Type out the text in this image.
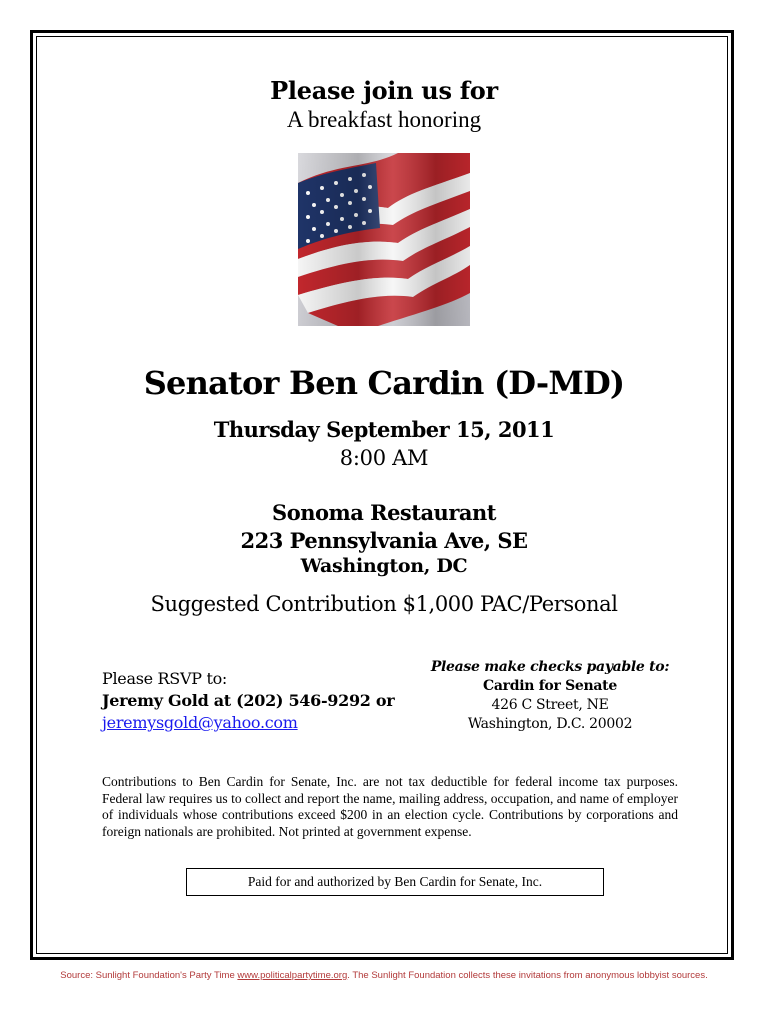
Please join us for
A breakfast honoring
Senator Ben Cardin (D-MD)
Thursday September 15, 2011
8:00 AM
Sonoma Restaurant
223 Pennsylvania Ave, SE
Washington, DC
Suggested Contribution $1,000 PAC/Personal
Please RSVP to:
Jeremy Gold at (202) 546-9292 or
jeremysgold@yahoo.com
Please make checks payable to:
Cardin for Senate
426 C Street, NE
Washington, D.C. 20002
Contributions to Ben Cardin for Senate, Inc. are not tax deductible for federal income tax purposes. Federal law requires us to collect and report the name, mailing address, occupation, and name of employer of individuals whose contributions exceed $200 in an election cycle. Contributions by corporations and foreign nationals are prohibited. Not printed at government expense.
Paid for and authorized by Ben Cardin for Senate, Inc.
Source: Sunlight Foundation's Party Time www.politicalpartytime.org. The Sunlight Foundation collects these invitations from anonymous lobbyist sources.
